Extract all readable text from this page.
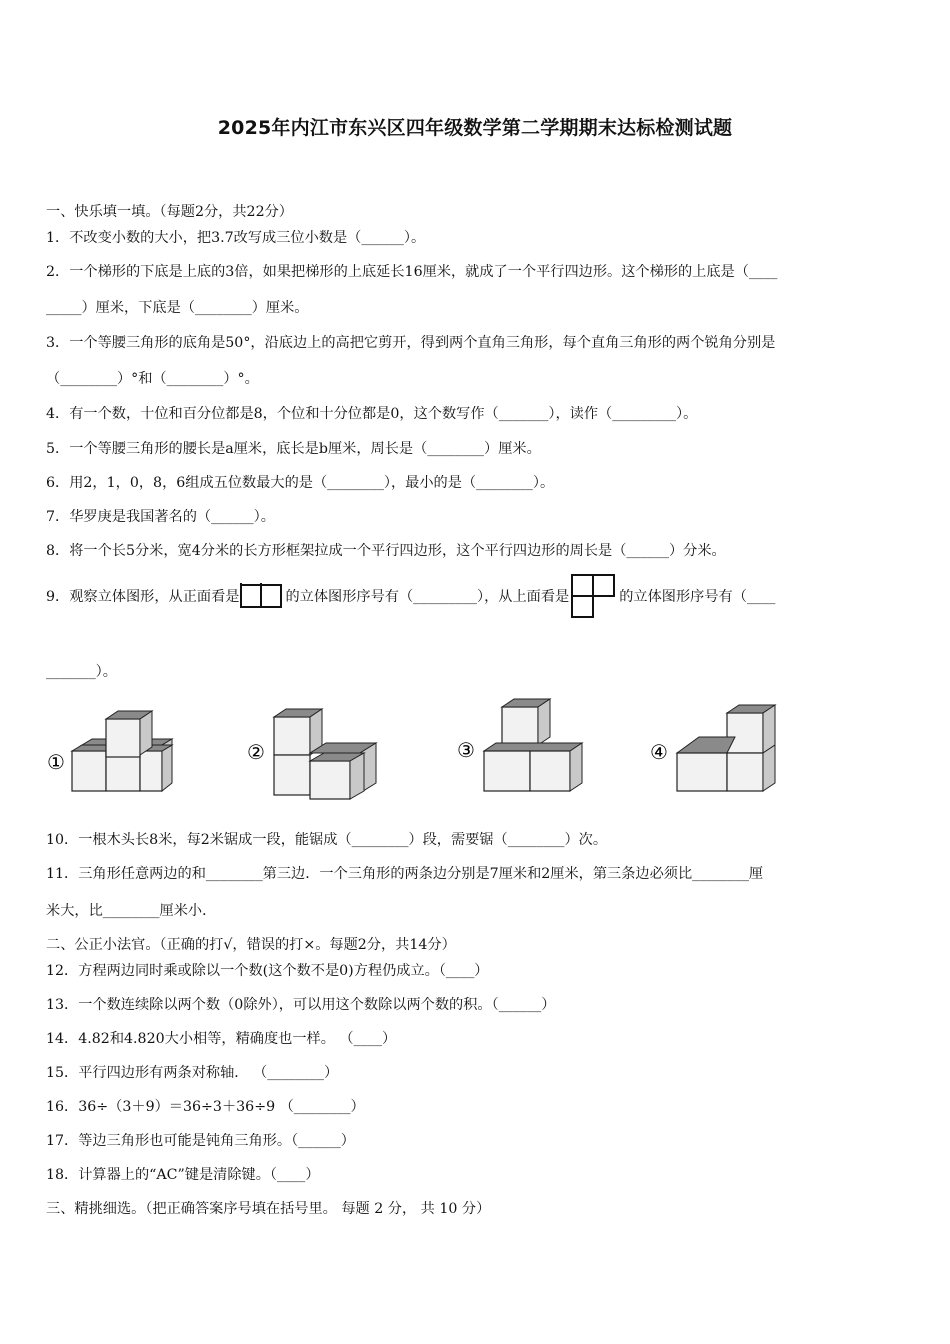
2025年内江市东兴区四年级数学第二学期期末达标检测试题
一、快乐填一填。（每题2分，共22分）
1．不改变小数的大小，把3.7改写成三位小数是（______）。
2．一个梯形的下底是上底的3倍，如果把梯形的上底延长16厘米，就成了一个平行四边形。这个梯形的上底是（____
_____）厘米，下底是（________）厘米。
3．一个等腰三角形的底角是50°，沿底边上的高把它剪开，得到两个直角三角形，每个直角三角形的两个锐角分别是
（________）°和（________）°。
4．有一个数，十位和百分位都是8，个位和十分位都是0，这个数写作（_______），读作（_________）。
5．一个等腰三角形的腰长是a厘米，底长是b厘米，周长是（________）厘米。
6．用2，1，0，8，6组成五位数最大的是（________），最小的是（________）。
7．华罗庚是我国著名的（______）。
8．将一个长5分米，宽4分米的长方形框架拉成一个平行四边形，这个平行四边形的周长是（______）分米。
9．观察立体图形，从正面看是	的立体图形序号有（_________），从上面看是	的立体图形序号有（____
_______）。
①	②	③	④
10．一根木头长8米，每2米锯成一段，能锯成（________）段，需要锯（________）次。
11．三角形任意两边的和________第三边．一个三角形的两条边分别是7厘米和2厘米，第三条边必须比________厘
米大，比________厘米小．
二、公正小法官。（正确的打√，错误的打×。每题2分，共14分）
12．方程两边同时乘或除以一个数(这个数不是0)方程仍成立。（____）
13．一个数连续除以两个数（0除外），可以用这个数除以两个数的积。（______）
14．4.82和4.820大小相等，精确度也一样。 （____）
15．平行四边形有两条对称轴． （________）
16．36÷（3＋9）＝36÷3＋36÷9 （________）
17．等边三角形也可能是钝角三角形。（______）
18．计算器上的“AC”键是清除键。（____）
三、精挑细选。（把正确答案序号填在括号里。 每题 2 分， 共 10 分）
